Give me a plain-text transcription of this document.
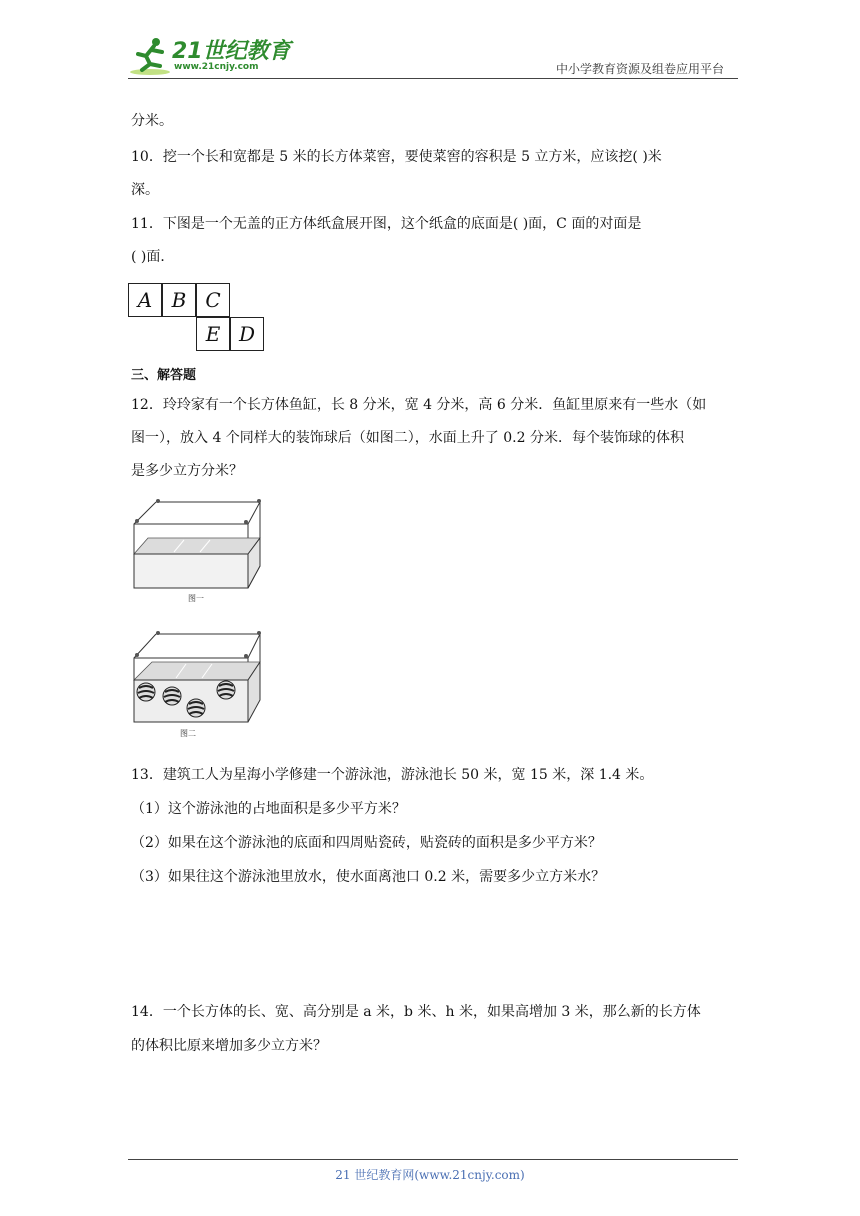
21世纪教育
www.21cnjy.com	中小学教育资源及组卷应用平台
分米。
10．挖一个长和宽都是 5 米的长方体菜窖，要使菜窖的容积是 5 立方米，应该挖( )米
深。
11．下图是一个无盖的正方体纸盒展开图，这个纸盒的底面是( )面，C 面的对面是
( )面．
A B C
E D
三、解答题
12．玲玲家有一个长方体鱼缸，长 8 分米，宽 4 分米，高 6 分米．鱼缸里原来有一些水（如
图一），放入 4 个同样大的装饰球后（如图二），水面上升了 0.2 分米．每个装饰球的体积
是多少立方分米？
图一
图二
13．建筑工人为星海小学修建一个游泳池，游泳池长 50 米，宽 15 米，深 1.4 米。
（1）这个游泳池的占地面积是多少平方米？
（2）如果在这个游泳池的底面和四周贴瓷砖，贴瓷砖的面积是多少平方米？
（3）如果往这个游泳池里放水，使水面离池口 0.2 米，需要多少立方米水？
14．一个长方体的长、宽、高分别是 a 米，b 米、h 米，如果高增加 3 米，那么新的长方体
的体积比原来增加多少立方米？
21 世纪教育网(www.21cnjy.com)
